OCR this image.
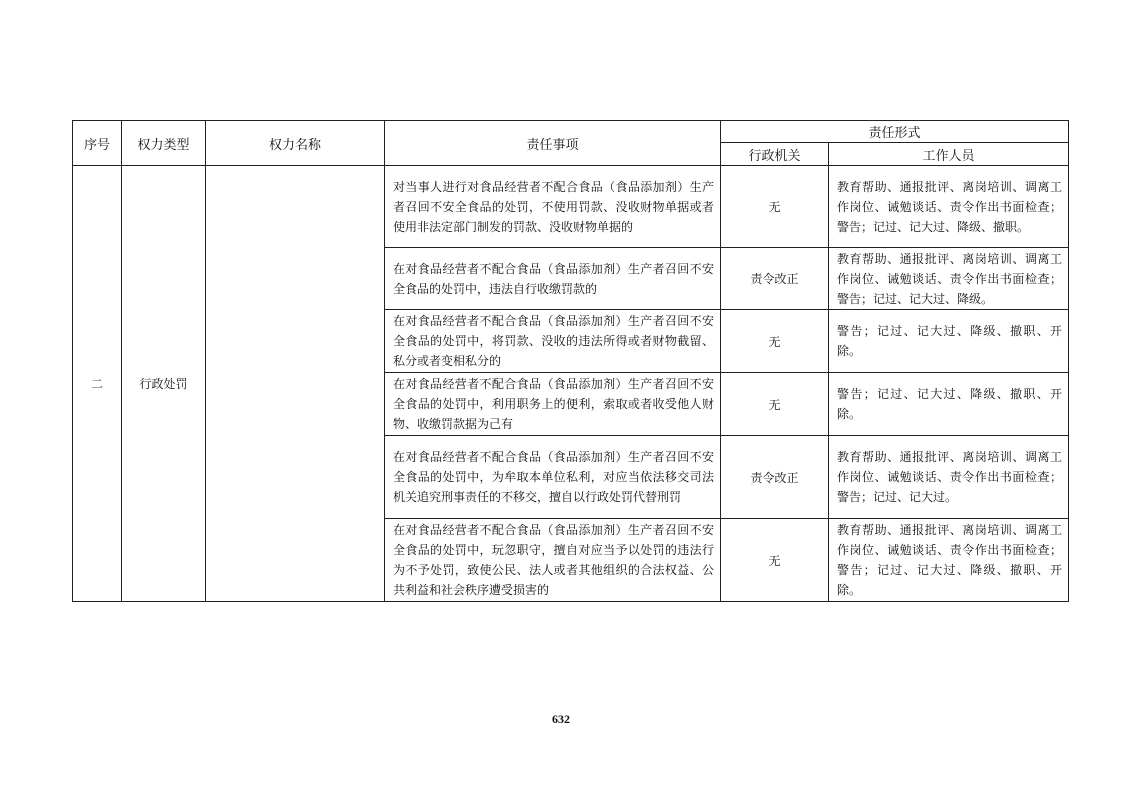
序号	权力类型	权力名称	责任事项	责任形式	
				行政机关	工作人员
二	行政处罚		对当事人进行对食品经营者不配合食品（食品添加剂）生产者召回不安全食品的处罚，不使用罚款、没收财物单据或者使用非法定部门制发的罚款、没收财物单据的	无	教育帮助、通报批评、离岗培训、调离工作岗位、诫勉谈话、责令作出书面检查；警告；记过、记大过、降级、撤职。
			在对食品经营者不配合食品（食品添加剂）生产者召回不安全食品的处罚中，违法自行收缴罚款的	责令改正	教育帮助、通报批评、离岗培训、调离工作岗位、诫勉谈话、责令作出书面检查；警告；记过、记大过、降级。
			在对食品经营者不配合食品（食品添加剂）生产者召回不安全食品的处罚中，将罚款、没收的违法所得或者财物截留、私分或者变相私分的	无	警告；记过、记大过、降级、撤职、开除。
			在对食品经营者不配合食品（食品添加剂）生产者召回不安全食品的处罚中，利用职务上的便利，索取或者收受他人财物、收缴罚款据为己有	无	警告；记过、记大过、降级、撤职、开除。
			在对食品经营者不配合食品（食品添加剂）生产者召回不安全食品的处罚中，为牟取本单位私利，对应当依法移交司法机关追究刑事责任的不移交，擅自以行政处罚代替刑罚	责令改正	教育帮助、通报批评、离岗培训、调离工作岗位、诫勉谈话、责令作出书面检查；警告；记过、记大过。
			在对食品经营者不配合食品（食品添加剂）生产者召回不安全食品的处罚中，玩忽职守，擅自对应当予以处罚的违法行为不予处罚，致使公民、法人或者其他组织的合法权益、公共利益和社会秩序遭受损害的	无	教育帮助、通报批评、离岗培训、调离工作岗位、诫勉谈话、责令作出书面检查；警告；记过、记大过、降级、撤职、开除。
632
